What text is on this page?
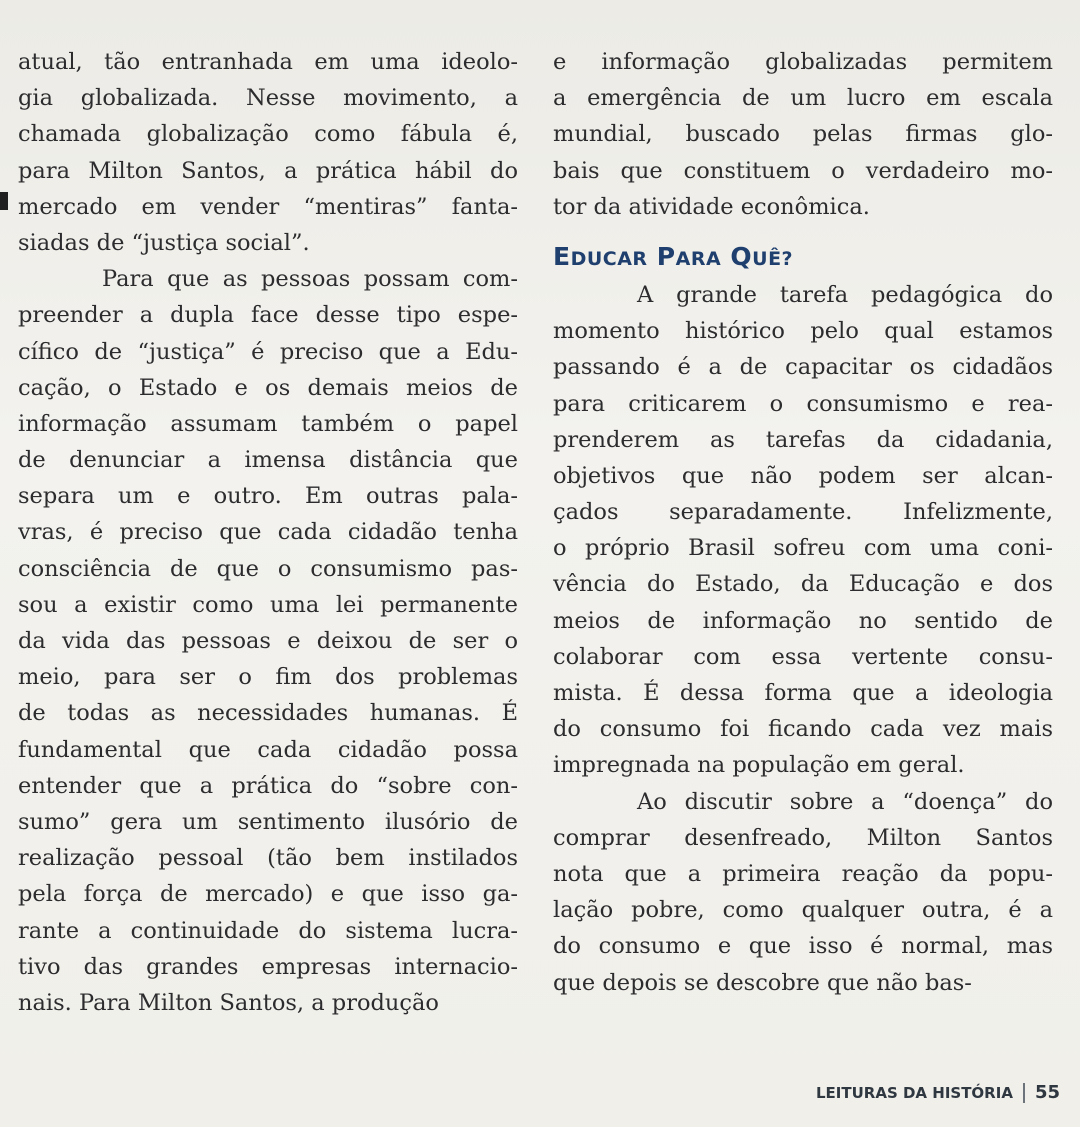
atual, tão entranhada em uma ideolo-
gia globalizada. Nesse movimento, a
chamada globalização como fábula é,
para Milton Santos, a prática hábil do
mercado em vender “mentiras” fanta-
siadas de “justiça social”.
Para que as pessoas possam com-
preender a dupla face desse tipo espe-
cífico de “justiça” é preciso que a Edu-
cação, o Estado e os demais meios de
informação assumam também o papel
de denunciar a imensa distância que
separa um e outro. Em outras pala-
vras, é preciso que cada cidadão tenha
consciência de que o consumismo pas-
sou a existir como uma lei permanente
da vida das pessoas e deixou de ser o
meio, para ser o fim dos problemas
de todas as necessidades humanas. É
fundamental que cada cidadão possa
entender que a prática do “sobre con-
sumo” gera um sentimento ilusório de
realização pessoal (tão bem instilados
pela força de mercado) e que isso ga-
rante a continuidade do sistema lucra-
tivo das grandes empresas internacio-
nais. Para Milton Santos, a produção
e informação globalizadas permitem
a emergência de um lucro em escala
mundial, buscado pelas firmas glo-
bais que constituem o verdadeiro mo-
tor da atividade econômica.
EDUCAR PARA QUÊ?
A grande tarefa pedagógica do
momento histórico pelo qual estamos
passando é a de capacitar os cidadãos
para criticarem o consumismo e rea-
prenderem as tarefas da cidadania,
objetivos que não podem ser alcan-
çados separadamente. Infelizmente,
o próprio Brasil sofreu com uma coni-
vência do Estado, da Educação e dos
meios de informação no sentido de
colaborar com essa vertente consu-
mista. É dessa forma que a ideologia
do consumo foi ficando cada vez mais
impregnada na população em geral.
Ao discutir sobre a “doença” do
comprar desenfreado, Milton Santos
nota que a primeira reação da popu-
lação pobre, como qualquer outra, é a
do consumo e que isso é normal, mas
que depois se descobre que não bas-
LEITURAS DA HISTÓRIA 55
